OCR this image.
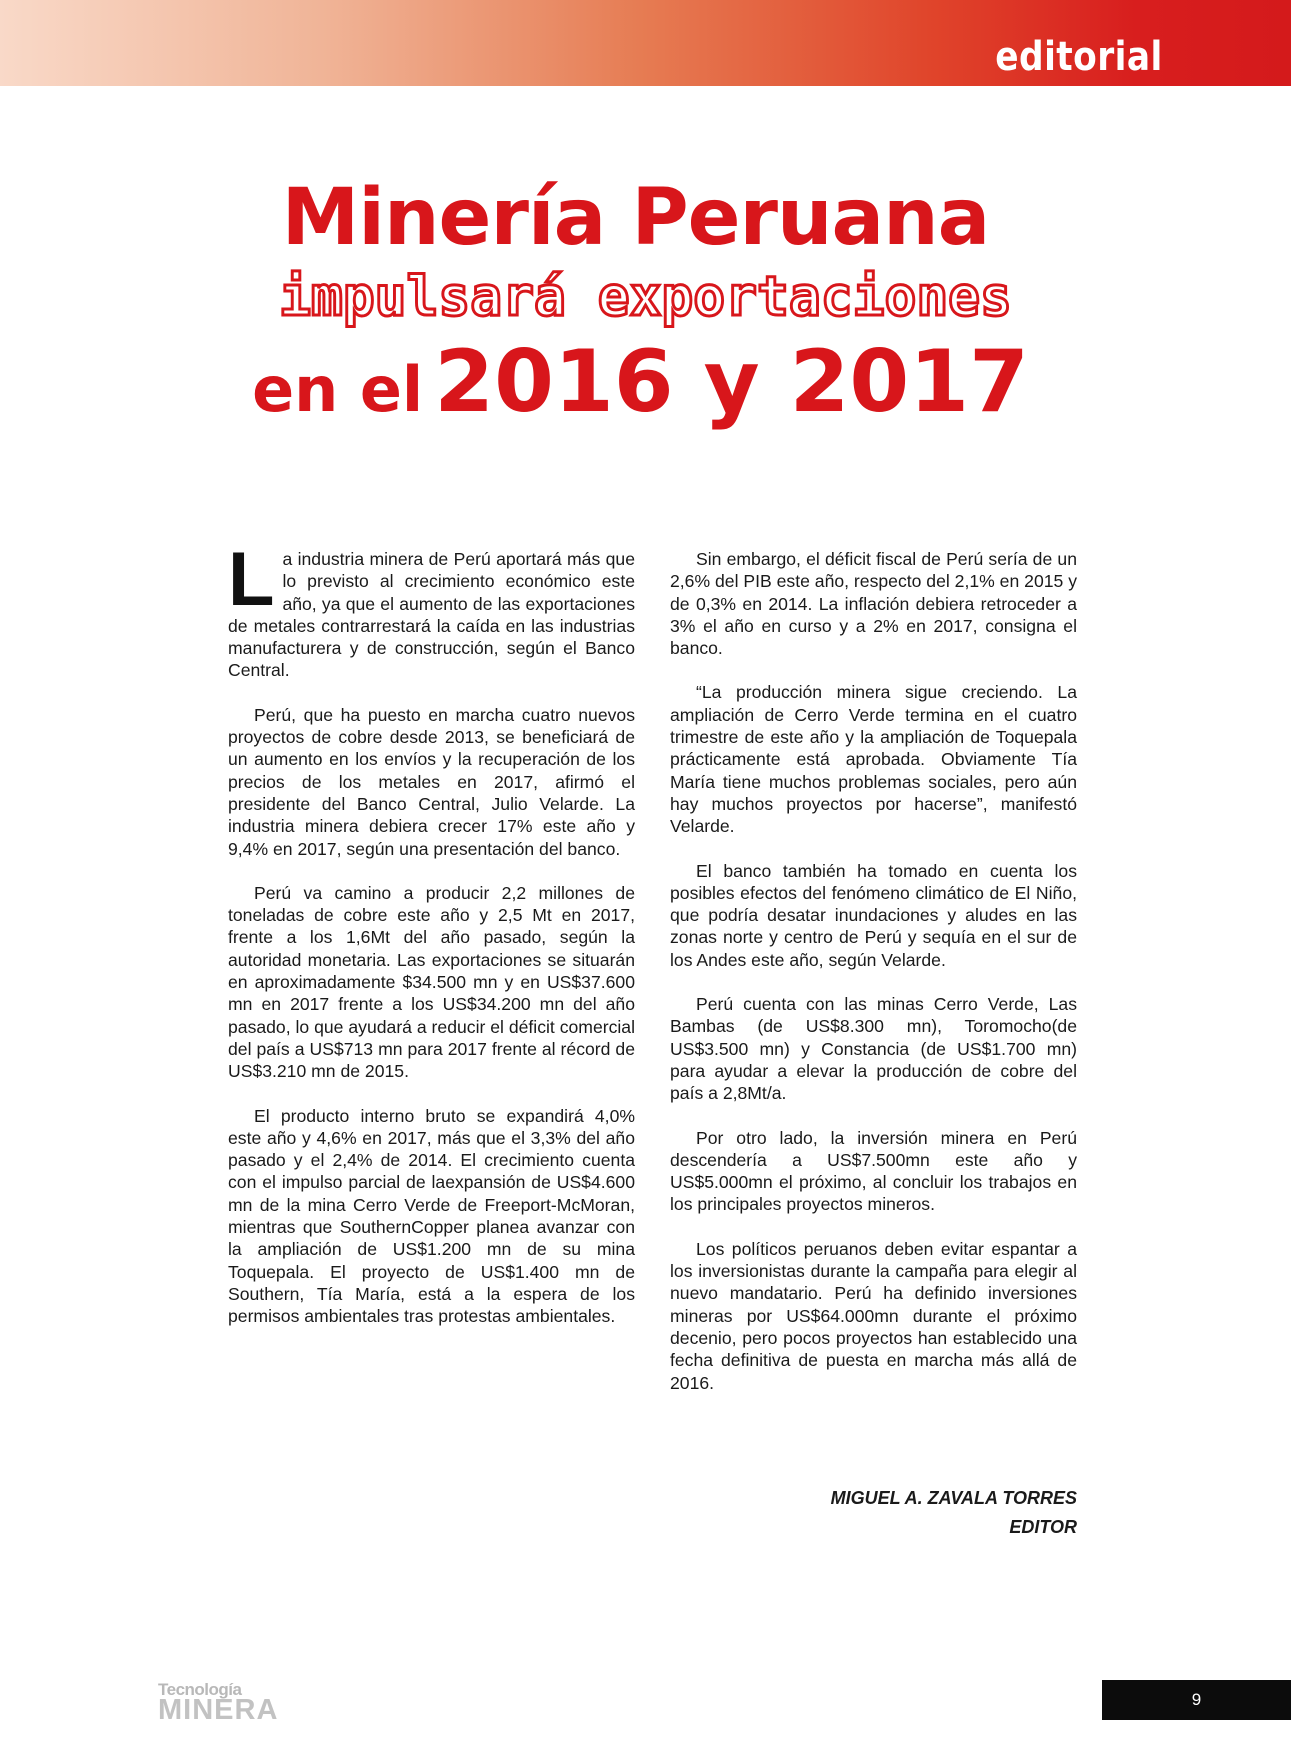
editorial
Minería Peruana
impulsará exportaciones
en el 2016 y 2017

La industria minera de Perú aportará más que lo previsto al crecimiento económico este año, ya que el aumento de las exportaciones de metales contrarrestará la caída en las industrias manufacturera y de construcción, según el Banco Central.

Perú, que ha puesto en marcha cuatro nuevos proyectos de cobre desde 2013, se beneficiará de un aumento en los envíos y la recuperación de los precios de los metales en 2017, afirmó el presidente del Banco Central, Julio Velarde. La industria minera debiera crecer 17% este año y 9,4% en 2017, según una presentación del banco.

Perú va camino a producir 2,2 millones de toneladas de cobre este año y 2,5 Mt en 2017, frente a los 1,6Mt del año pasado, según la autoridad monetaria. Las exportaciones se situarán en aproximadamente $34.500 mn y en US$37.600 mn en 2017 frente a los US$34.200 mn del año pasado, lo que ayudará a reducir el déficit comercial del país a US$713 mn para 2017 frente al récord de US$3.210 mn de 2015.

El producto interno bruto se expandirá 4,0% este año y 4,6% en 2017, más que el 3,3% del año pasado y el 2,4% de 2014. El crecimiento cuenta con el impulso parcial de laexpansión de US$4.600 mn de la mina Cerro Verde de Freeport-McMoran, mientras que SouthernCopper planea avanzar con la ampliación de US$1.200 mn de su mina Toquepala. El proyecto de US$1.400 mn de Southern, Tía María, está a la espera de los permisos ambientales tras protestas ambientales.

Sin embargo, el déficit fiscal de Perú sería de un 2,6% del PIB este año, respecto del 2,1% en 2015 y de 0,3% en 2014. La inflación debiera retroceder a 3% el año en curso y a 2% en 2017, consigna el banco.

“La producción minera sigue creciendo. La ampliación de Cerro Verde termina en el cuatro trimestre de este año y la ampliación de Toquepala prácticamente está aprobada. Obviamente Tía María tiene muchos problemas sociales, pero aún hay muchos proyectos por hacerse”, manifestó Velarde.

El banco también ha tomado en cuenta los posibles efectos del fenómeno climático de El Niño, que podría desatar inundaciones y aludes en las zonas norte y centro de Perú y sequía en el sur de los Andes este año, según Velarde.

Perú cuenta con las minas Cerro Verde, Las Bambas (de US$8.300 mn), Toromocho(de US$3.500 mn) y Constancia (de US$1.700 mn) para ayudar a elevar la producción de cobre del país a 2,8Mt/a.

Por otro lado, la inversión minera en Perú descendería a US$7.500mn este año y US$5.000mn el próximo, al concluir los trabajos en los principales proyectos mineros.

Los políticos peruanos deben evitar espantar a los inversionistas durante la campaña para elegir al nuevo mandatario. Perú ha definido inversiones mineras por US$64.000mn durante el próximo decenio, pero pocos proyectos han establecido una fecha definitiva de puesta en marcha más allá de 2016.

MIGUEL A. ZAVALA TORRES
EDITOR
Tecnología
MINERA	9
